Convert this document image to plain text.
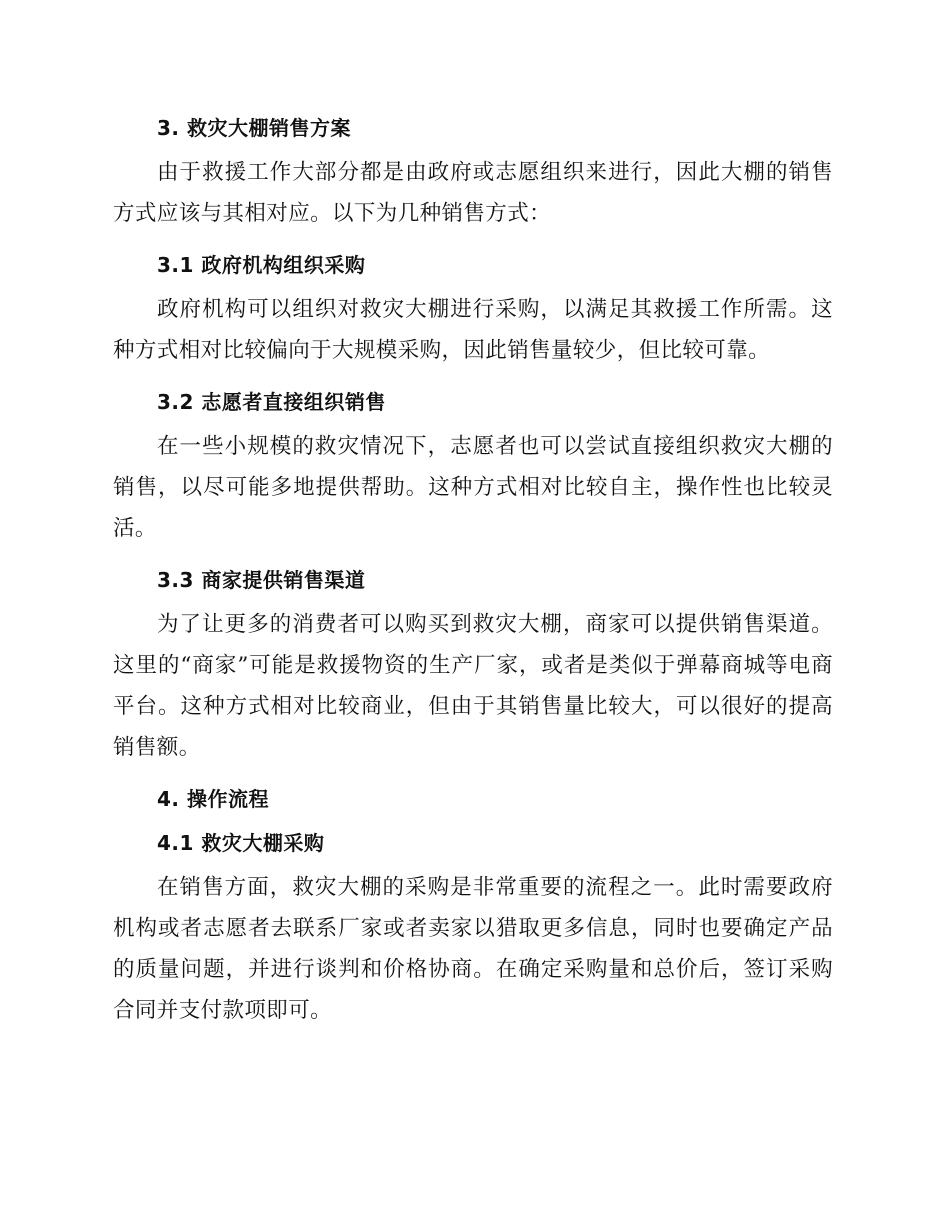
3. 救灾大棚销售方案

由于救援工作大部分都是由政府或志愿组织来进行，因此大棚的销售方式应该与其相对应。以下为几种销售方式：

3.1 政府机构组织采购

政府机构可以组织对救灾大棚进行采购，以满足其救援工作所需。这种方式相对比较偏向于大规模采购，因此销售量较少，但比较可靠。

3.2 志愿者直接组织销售

在一些小规模的救灾情况下，志愿者也可以尝试直接组织救灾大棚的销售，以尽可能多地提供帮助。这种方式相对比较自主，操作性也比较灵活。

3.3 商家提供销售渠道

为了让更多的消费者可以购买到救灾大棚，商家可以提供销售渠道。这里的“商家”可能是救援物资的生产厂家，或者是类似于弹幕商城等电商平台。这种方式相对比较商业，但由于其销售量比较大，可以很好的提高销售额。

4. 操作流程
4.1 救灾大棚采购

在销售方面，救灾大棚的采购是非常重要的流程之一。此时需要政府机构或者志愿者去联系厂家或者卖家以猎取更多信息，同时也要确定产品的质量问题，并进行谈判和价格协商。在确定采购量和总价后，签订采购合同并支付款项即可。
